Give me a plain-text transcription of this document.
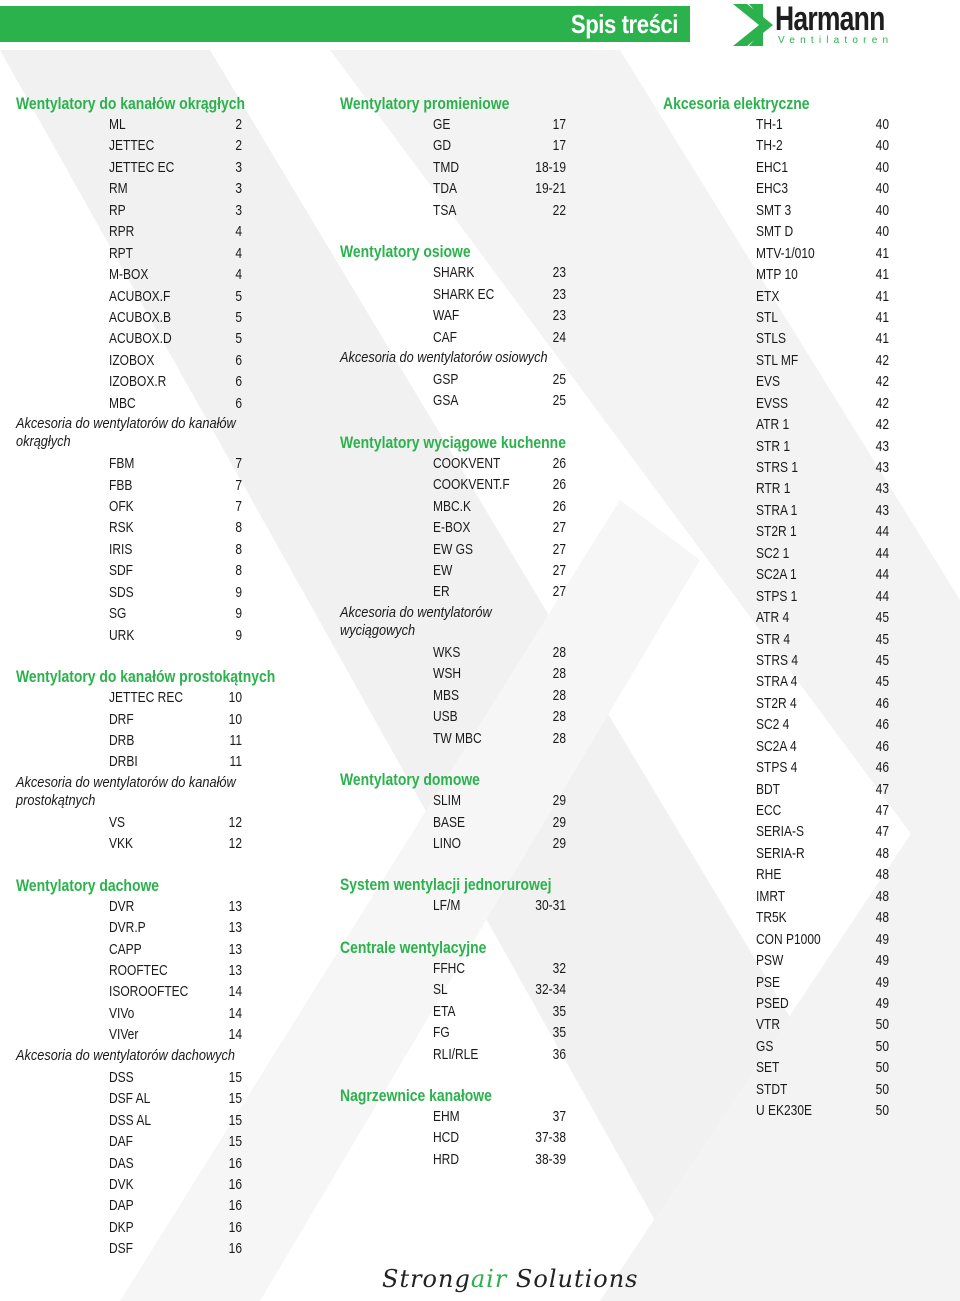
Spis treści	Harmann
Ventilatoren
Wentylatory do kanałów okrągłych
ML	2
JETTEC	2
JETTEC EC	3
RM	3
RP	3
RPR	4
RPT	4
M-BOX	4
ACUBOX.F	5
ACUBOX.B	5
ACUBOX.D	5
IZOBOX	6
IZOBOX.R	6
MBC	6
Akcesoria do wentylatorów do kanałów okrągłych
FBM	7
FBB	7
OFK	7
RSK	8
IRIS	8
SDF	8
SDS	9
SG	9
URK	9
Wentylatory do kanałów prostokątnych
JETTEC REC	10
DRF	10
DRB	11
DRBI	11
Akcesoria do wentylatorów do kanałów prostokątnych
VS	12
VKK	12
Wentylatory dachowe
DVR	13
DVR.P	13
CAPP	13
ROOFTEC	13
ISOROOFTEC	14
VIVo	14
VIVer	14
Akcesoria do wentylatorów dachowych
DSS	15
DSF AL	15
DSS AL	15
DAF	15
DAS	16
DVK	16
DAP	16
DKP	16
DSF	16
Wentylatory promieniowe
GE	17
GD	17
TMD	18-19
TDA	19-21
TSA	22
Wentylatory osiowe
SHARK	23
SHARK EC	23
WAF	23
CAF	24
Akcesoria do wentylatorów osiowych
GSP	25
GSA	25
Wentylatory wyciągowe kuchenne
COOKVENT	26
COOKVENT.F	26
MBC.K	26
E-BOX	27
EW GS	27
EW	27
ER	27
Akcesoria do wentylatorów wyciągowych
WKS	28
WSH	28
MBS	28
USB	28
TW MBC	28
Wentylatory domowe
SLIM	29
BASE	29
LINO	29
System wentylacji jednorurowej
LF/M	30-31
Centrale wentylacyjne
FFHC	32
SL	32-34
ETA	35
FG	35
RLI/RLE	36
Nagrzewnice kanałowe
EHM	37
HCD	37-38
HRD	38-39
Akcesoria elektryczne
TH-1	40
TH-2	40
EHC1	40
EHC3	40
SMT 3	40
SMT D	40
MTV-1/010	41
MTP 10	41
ETX	41
STL	41
STLS	41
STL MF	42
EVS	42
EVSS	42
ATR 1	42
STR 1	43
STRS 1	43
RTR 1	43
STRA 1	43
ST2R 1	44
SC2 1	44
SC2A 1	44
STPS 1	44
ATR 4	45
STR 4	45
STRS 4	45
STRA 4	45
ST2R 4	46
SC2 4	46
SC2A 4	46
STPS 4	46
BDT	47
ECC	47
SERIA-S	47
SERIA-R	48
RHE	48
IMRT	48
TR5K	48
CON P1000	49
PSW	49
PSE	49
PSED	49
VTR	50
GS	50
SET	50
STDT	50
U EK230E	50
Strongair Solutions
